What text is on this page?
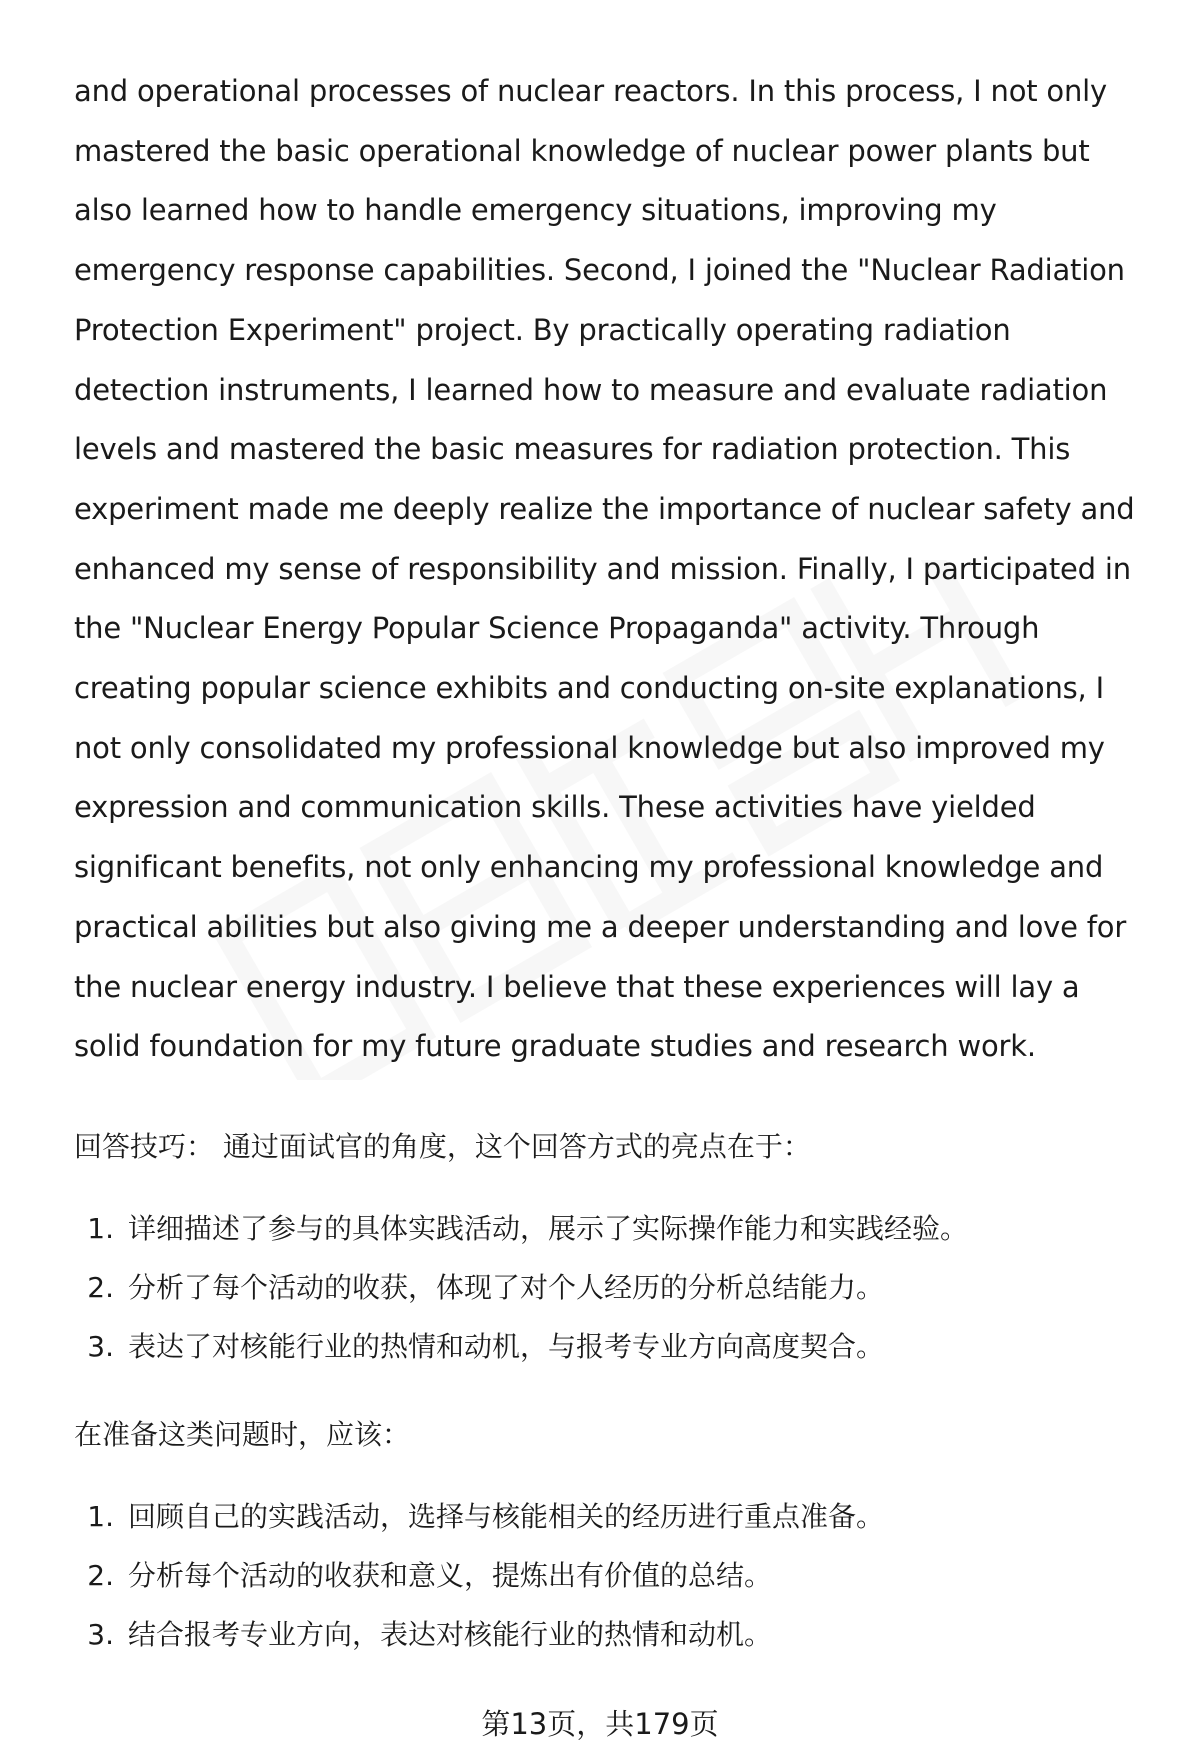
and operational processes of nuclear reactors. In this process, I not only mastered the basic operational knowledge of nuclear power plants but also learned how to handle emergency situations, improving my emergency response capabilities. Second, I joined the "Nuclear Radiation Protection Experiment" project. By practically operating radiation detection instruments, I learned how to measure and evaluate radiation levels and mastered the basic measures for radiation protection. This experiment made me deeply realize the importance of nuclear safety and enhanced my sense of responsibility and mission. Finally, I participated in the "Nuclear Energy Popular Science Propaganda" activity. Through creating popular science exhibits and conducting on-site explanations, I not only consolidated my professional knowledge but also improved my expression and communication skills. These activities have yielded significant benefits, not only enhancing my professional knowledge and practical abilities but also giving me a deeper understanding and love for the nuclear energy industry. I believe that these experiences will lay a solid foundation for my future graduate studies and research work.

回答技巧： 通过面试官的角度，这个回答方式的亮点在于：

1. 详细描述了参与的具体实践活动，展示了实际操作能力和实践经验。
2. 分析了每个活动的收获，体现了对个人经历的分析总结能力。
3. 表达了对核能行业的热情和动机，与报考专业方向高度契合。

在准备这类问题时，应该：

1. 回顾自己的实践活动，选择与核能相关的经历进行重点准备。
2. 分析每个活动的收获和意义，提炼出有价值的总结。
3. 结合报考专业方向，表达对核能行业的热情和动机。
第13页，共179页
